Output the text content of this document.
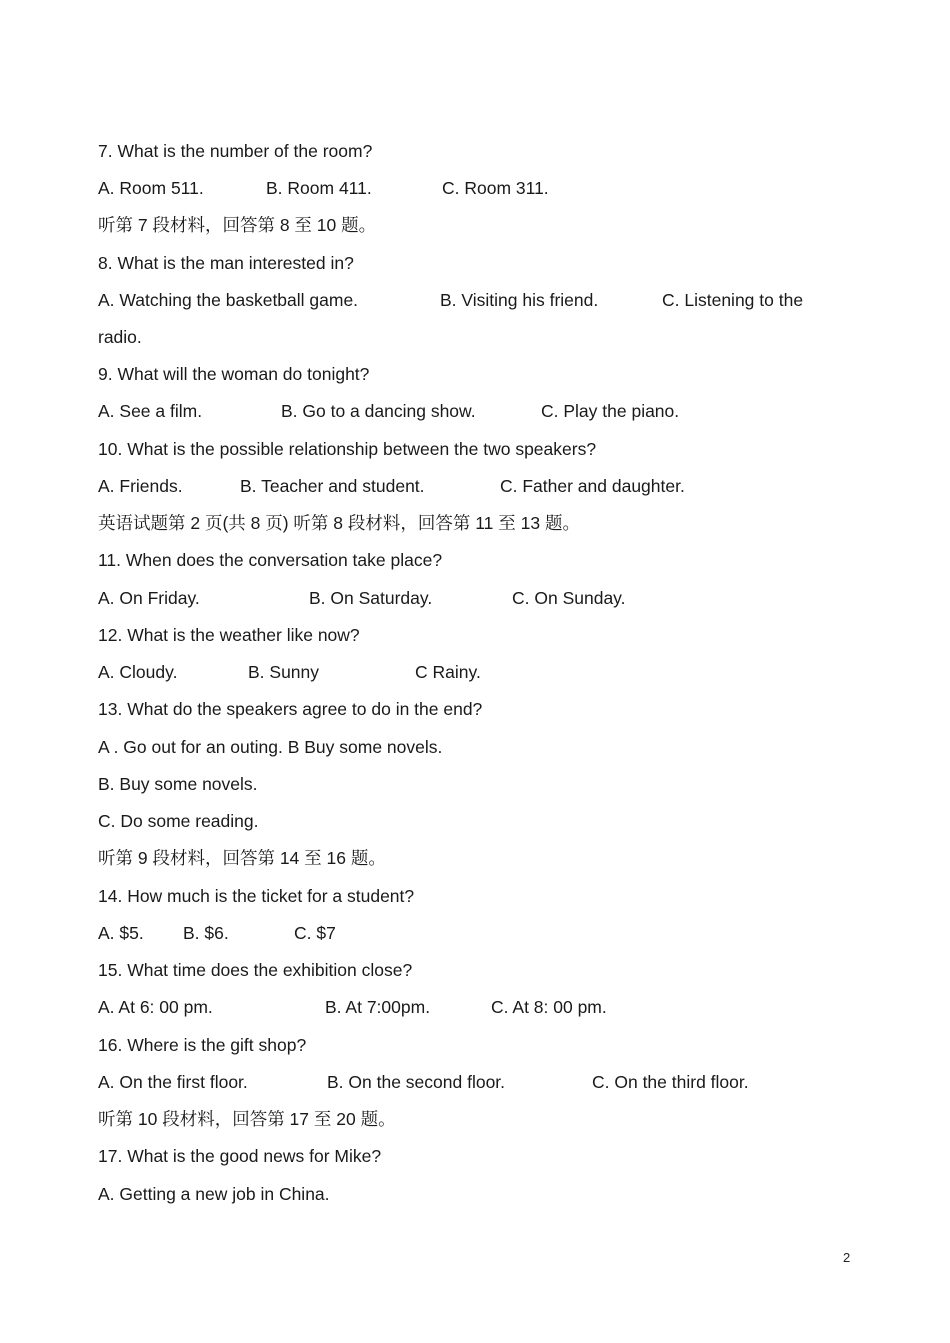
7. What is the number of the room?
A. Room 511.	B. Room 411.	C. Room 311.
听第 7 段材料，回答第 8 至 10 题。
8. What is the man interested in?
A. Watching the basketball game.	B. Visiting his friend.	C. Listening to the
radio.
9. What will the woman do tonight?
A. See a film.	B. Go to a dancing show.	C. Play the piano.
10. What is the possible relationship between the two speakers?
A. Friends.	B. Teacher and student.	C. Father and daughter.
英语试题第 2 页(共 8 页) 听第 8 段材料，回答第 11 至 13 题。
11. When does the conversation take place?
A. On Friday.	B. On Saturday.	C. On Sunday.
12. What is the weather like now?
A. Cloudy.	B. Sunny	C Rainy.
13. What do the speakers agree to do in the end?
A . Go out for an outing. B Buy some novels.
B. Buy some novels.
C. Do some reading.
听第 9 段材料，回答第 14 至 16 题。
14. How much is the ticket for a student?
A. $5. B. $6.	C. $7
15. What time does the exhibition close?
A. At 6: 00 pm.	B. At 7:00pm.	C. At 8: 00 pm.
16. Where is the gift shop?
A. On the first floor.	B. On the second floor.	C. On the third floor.
听第 10 段材料，回答第 17 至 20 题。
17. What is the good news for Mike?
A. Getting a new job in China.
2
